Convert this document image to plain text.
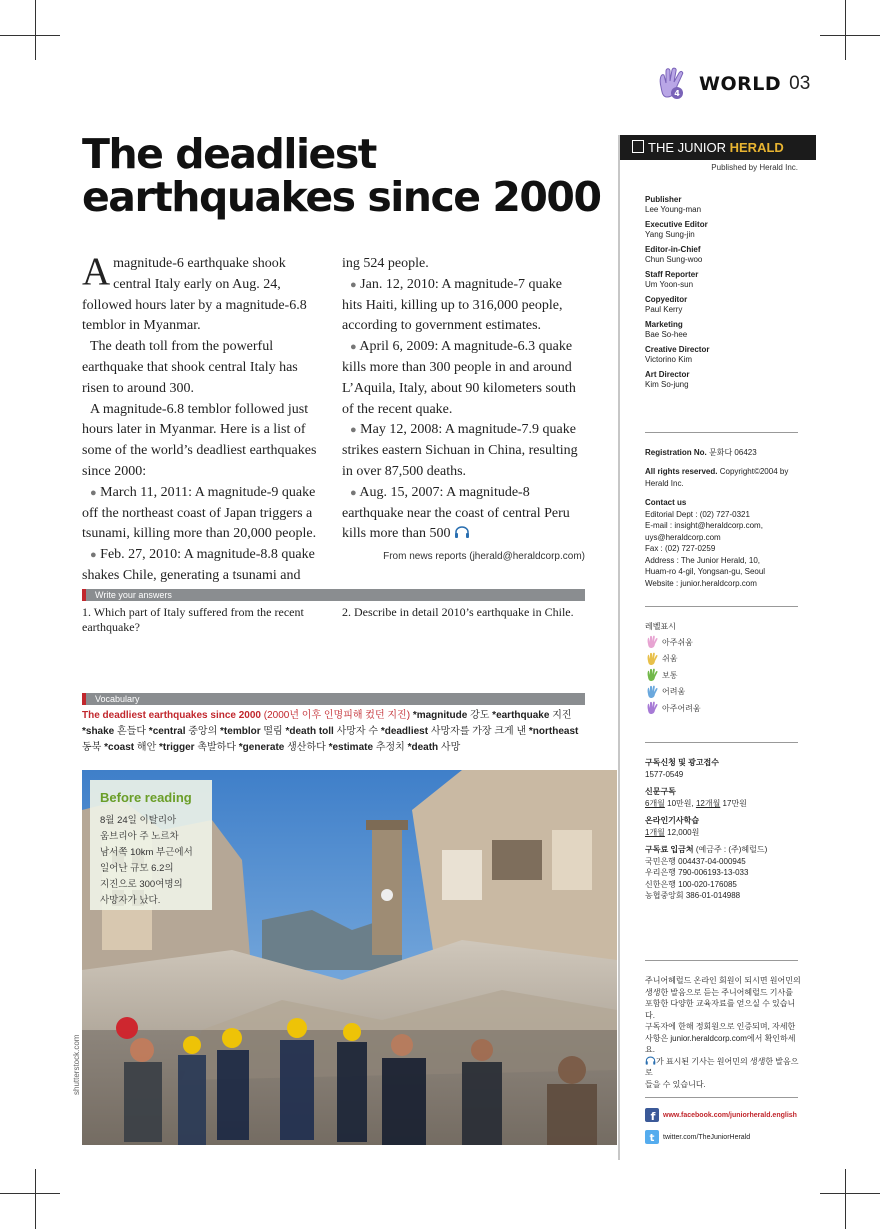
4 WORLD 03
The deadliest earthquakes since 2000

Amagnitude-6 earthquake shook central Italy early on Aug. 24, followed hours later by a magnitude-6.8 temblor in Myanmar.

The death toll from the powerful earthquake that shook central Italy has risen to around 300.

A magnitude-6.8 temblor followed just hours later in Myanmar. Here is a list of some of the world’s deadliest earthquakes since 2000:

● March 11, 2011: A magnitude-9 quake off the northeast coast of Japan triggers a tsunami, killing more than 20,000 people.

● Feb. 27, 2010: A magnitude-8.8 quake shakes Chile, generating a tsunami and

ing 524 people.

● Jan. 12, 2010: A magnitude-7 quake hits Haiti, killing up to 316,000 people, according to government estimates.

● April 6, 2009: A magnitude-6.3 quake kills more than 300 people in and around L’Aquila, Italy, about 90 kilometers south of the recent quake.

● May 12, 2008: A magnitude-7.9 quake strikes eastern Sichuan in China, resulting in over 87,500 deaths.

● Aug. 15, 2007: A magnitude-8 earthquake near the coast of central Peru kills more than 500

From news reports (jherald@heraldcorp.com)
Write your answers
1. Which part of Italy suffered from the recent earthquake?
2. Describe in detail 2010’s earthquake in Chile.
Vocabulary
The deadliest earthquakes since 2000 (2000년 이후 인명피해 컸던 지진) *magnitude 강도 *earthquake 지진 *shake 흔들다 *central 중앙의 *temblor 떨림 *death toll 사망자 수 *deadliest 사망자를 가장 크게 낸 *northeast 동북 *coast 해안 *trigger 촉발하다 *generate 생산하다 *estimate 추정치 *death 사망
shutterstock.com
Before reading
8월 24일 이탈리아
움브리아 주 노르차
남서쪽 10km 부근에서
일어난 규모 6.2의
지진으로 300여명의
사망자가 났다.
THE JUNIOR HERALD
Published by Herald Inc.
Publisher
Lee Young-man
Executive Editor
Yang Sung-jin
Editor-in-Chief
Chun Sung-woo
Staff Reporter
Um Yoon-sun
Copyeditor
Paul Kerry
Marketing
Bae So-hee
Creative Director
Victorino Kim
Art Director
Kim So-jung
Registration No. 문화다 06423
All rights reserved. Copyright©2004 by Herald Inc.
Contact us
Editorial Dept : (02) 727-0321
E-mail : insight@heraldcorp.com,
uys@heraldcorp.com
Fax : (02) 727-0259
Address : The Junior Herald, 10,
Huam-ro 4-gil, Yongsan-gu, Seoul
Website : junior.heraldcorp.com
레벨표시
아주쉬움
쉬움
보통
어려움
아주어려움
구독신청 및 광고접수
1577-0549
신문구독
6개월 10만원, 12개월 17만원
온라인기사학습
1개월 12,000원
구독료 입금처 (예금주 : (주)헤럴드)
국민은행 004437-04-000945
우리은행 790-006193-13-033
신한은행 100-020-176085
농협중앙회 386-01-014988
주니어헤럴드 온라인 회원이 되시면 원어민의
생생한 발음으로 듣는 주니어헤럴드 기사를
포함한 다양한 교육자료를 얻으실 수 있습니다.
구독자에 한해 정회원으로 인증되며, 자세한
사항은 junior.heraldcorp.com에서 확인하세요.
가 표시된 기사는 원어민의 생생한 발음으로
들을 수 있습니다.
f www.facebook.com/juniorherald.english
t twitter.com/TheJuniorHerald
